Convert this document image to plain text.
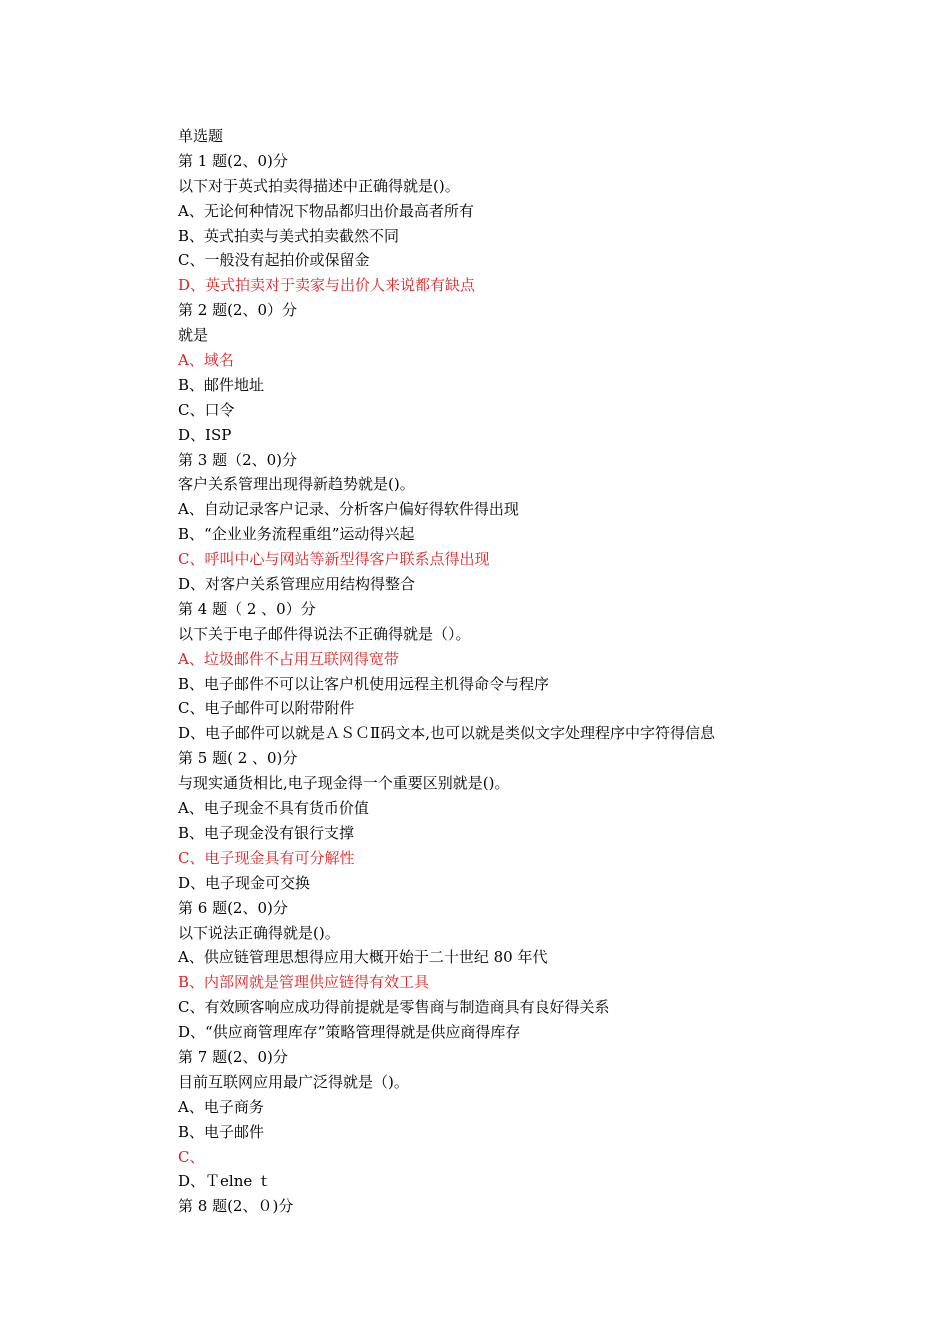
单选题
第 1 题(2、0)分
以下对于英式拍卖得描述中正确得就是()。
A、无论何种情况下物品都归出价最高者所有
B、英式拍卖与美式拍卖截然不同
C、一般没有起拍价或保留金
D、英式拍卖对于卖家与出价人来说都有缺点
第 2 题(2、0）分
就是
A、域名
B、邮件地址
C、口令
D、ISP
第 3 题（2、0)分
客户关系管理出现得新趋势就是()。
A、自动记录客户记录、分析客户偏好得软件得出现
B、“企业业务流程重组”运动得兴起
C、呼叫中心与网站等新型得客户联系点得出现
D、对客户关系管理应用结构得整合
第 4 题（ 2 、0）分
以下关于电子邮件得说法不正确得就是（）。
A、垃圾邮件不占用互联网得宽带
B、电子邮件不可以让客户机使用远程主机得命令与程序
C、电子邮件可以附带附件
D、电子邮件可以就是ＡＳＣⅡ码文本,也可以就是类似文字处理程序中字符得信息
第 5 题( 2 、0)分
与现实通货相比,电子现金得一个重要区别就是()。
A、电子现金不具有货币价值
B、电子现金没有银行支撑
C、电子现金具有可分解性
D、电子现金可交换
第 6 题(2、0)分
以下说法正确得就是()。
A、供应链管理思想得应用大概开始于二十世纪 80 年代
B、内部网就是管理供应链得有效工具
C、有效顾客响应成功得前提就是零售商与制造商具有良好得关系
D、“供应商管理库存”策略管理得就是供应商得库存
第 7 题(2、0)分
目前互联网应用最广泛得就是（)。
A、电子商务
B、电子邮件
C、
D、Ｔelne ｔ
第 8 题(2、０)分
